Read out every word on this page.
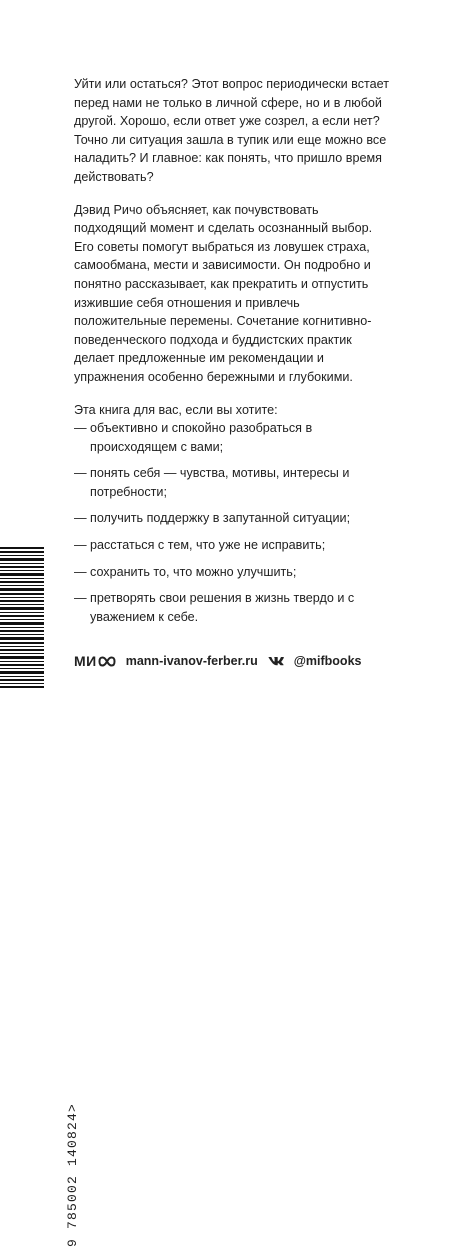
Уйти или остаться? Этот вопрос периодически встает перед нами не только в личной сфере, но и в любой другой. Хорошо, если ответ уже созрел, а если нет? Точно ли ситуация зашла в тупик или еще можно все наладить? И главное: как понять, что пришло время действовать?

Дэвид Ричо объясняет, как почувствовать подходящий момент и сделать осознанный выбор. Его советы помогут выбраться из ловушек страха, самообмана, мести и зависимости. Он подробно и понятно рассказывает, как прекратить и отпустить изжившие себя отношения и привлечь положительные перемены. Сочетание когнитивно-поведенческого подхода и буддистских практик делает предложенные им рекомендации и упражнения особенно бережными и глубокими.

Эта книга для вас, если вы хотите:

— объективно и спокойно разобраться в происходящем с вами;
— понять себя — чувства, мотивы, интересы и потребности;
— получить поддержку в запутанной ситуации;
— расстаться с тем, что уже не исправить;
— сохранить то, что можно улучшить;
— претворять свои решения в жизнь твердо и с уважением к себе.
9 785002 140824>
МИ mann-ivanov-ferber.ru	@mifbooks
